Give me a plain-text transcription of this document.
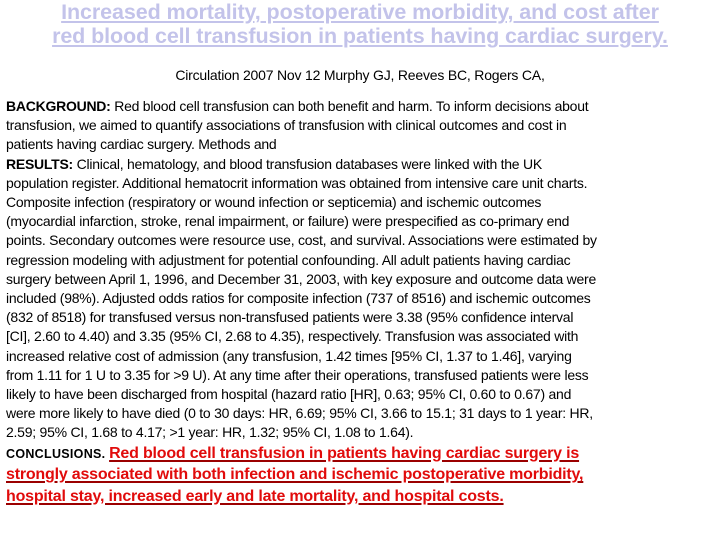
Increased mortality, postoperative morbidity, and cost after
red blood cell transfusion in patients having cardiac surgery.
Circulation 2007 Nov 12 Murphy GJ, Reeves BC, Rogers CA,
BACKGROUND: Red blood cell transfusion can both benefit and harm. To inform decisions about
transfusion, we aimed to quantify associations of transfusion with clinical outcomes and cost in
patients having cardiac surgery. Methods and
RESULTS: Clinical, hematology, and blood transfusion databases were linked with the UK
population register. Additional hematocrit information was obtained from intensive care unit charts.
Composite infection (respiratory or wound infection or septicemia) and ischemic outcomes
(myocardial infarction, stroke, renal impairment, or failure) were prespecified as co-primary end
points. Secondary outcomes were resource use, cost, and survival. Associations were estimated by
regression modeling with adjustment for potential confounding. All adult patients having cardiac
surgery between April 1, 1996, and December 31, 2003, with key exposure and outcome data were
included (98%). Adjusted odds ratios for composite infection (737 of 8516) and ischemic outcomes
(832 of 8518) for transfused versus non-transfused patients were 3.38 (95% confidence interval
[CI], 2.60 to 4.40) and 3.35 (95% CI, 2.68 to 4.35), respectively. Transfusion was associated with
increased relative cost of admission (any transfusion, 1.42 times [95% CI, 1.37 to 1.46], varying
from 1.11 for 1 U to 3.35 for >9 U). At any time after their operations, transfused patients were less
likely to have been discharged from hospital (hazard ratio [HR], 0.63; 95% CI, 0.60 to 0.67) and
were more likely to have died (0 to 30 days: HR, 6.69; 95% CI, 3.66 to 15.1; 31 days to 1 year: HR,
2.59; 95% CI, 1.68 to 4.17; >1 year: HR, 1.32; 95% CI, 1.08 to 1.64).
CONCLUSIONS. Red blood cell transfusion in patients having cardiac surgery is
strongly associated with both infection and ischemic postoperative morbidity,
hospital stay, increased early and late mortality, and hospital costs.
